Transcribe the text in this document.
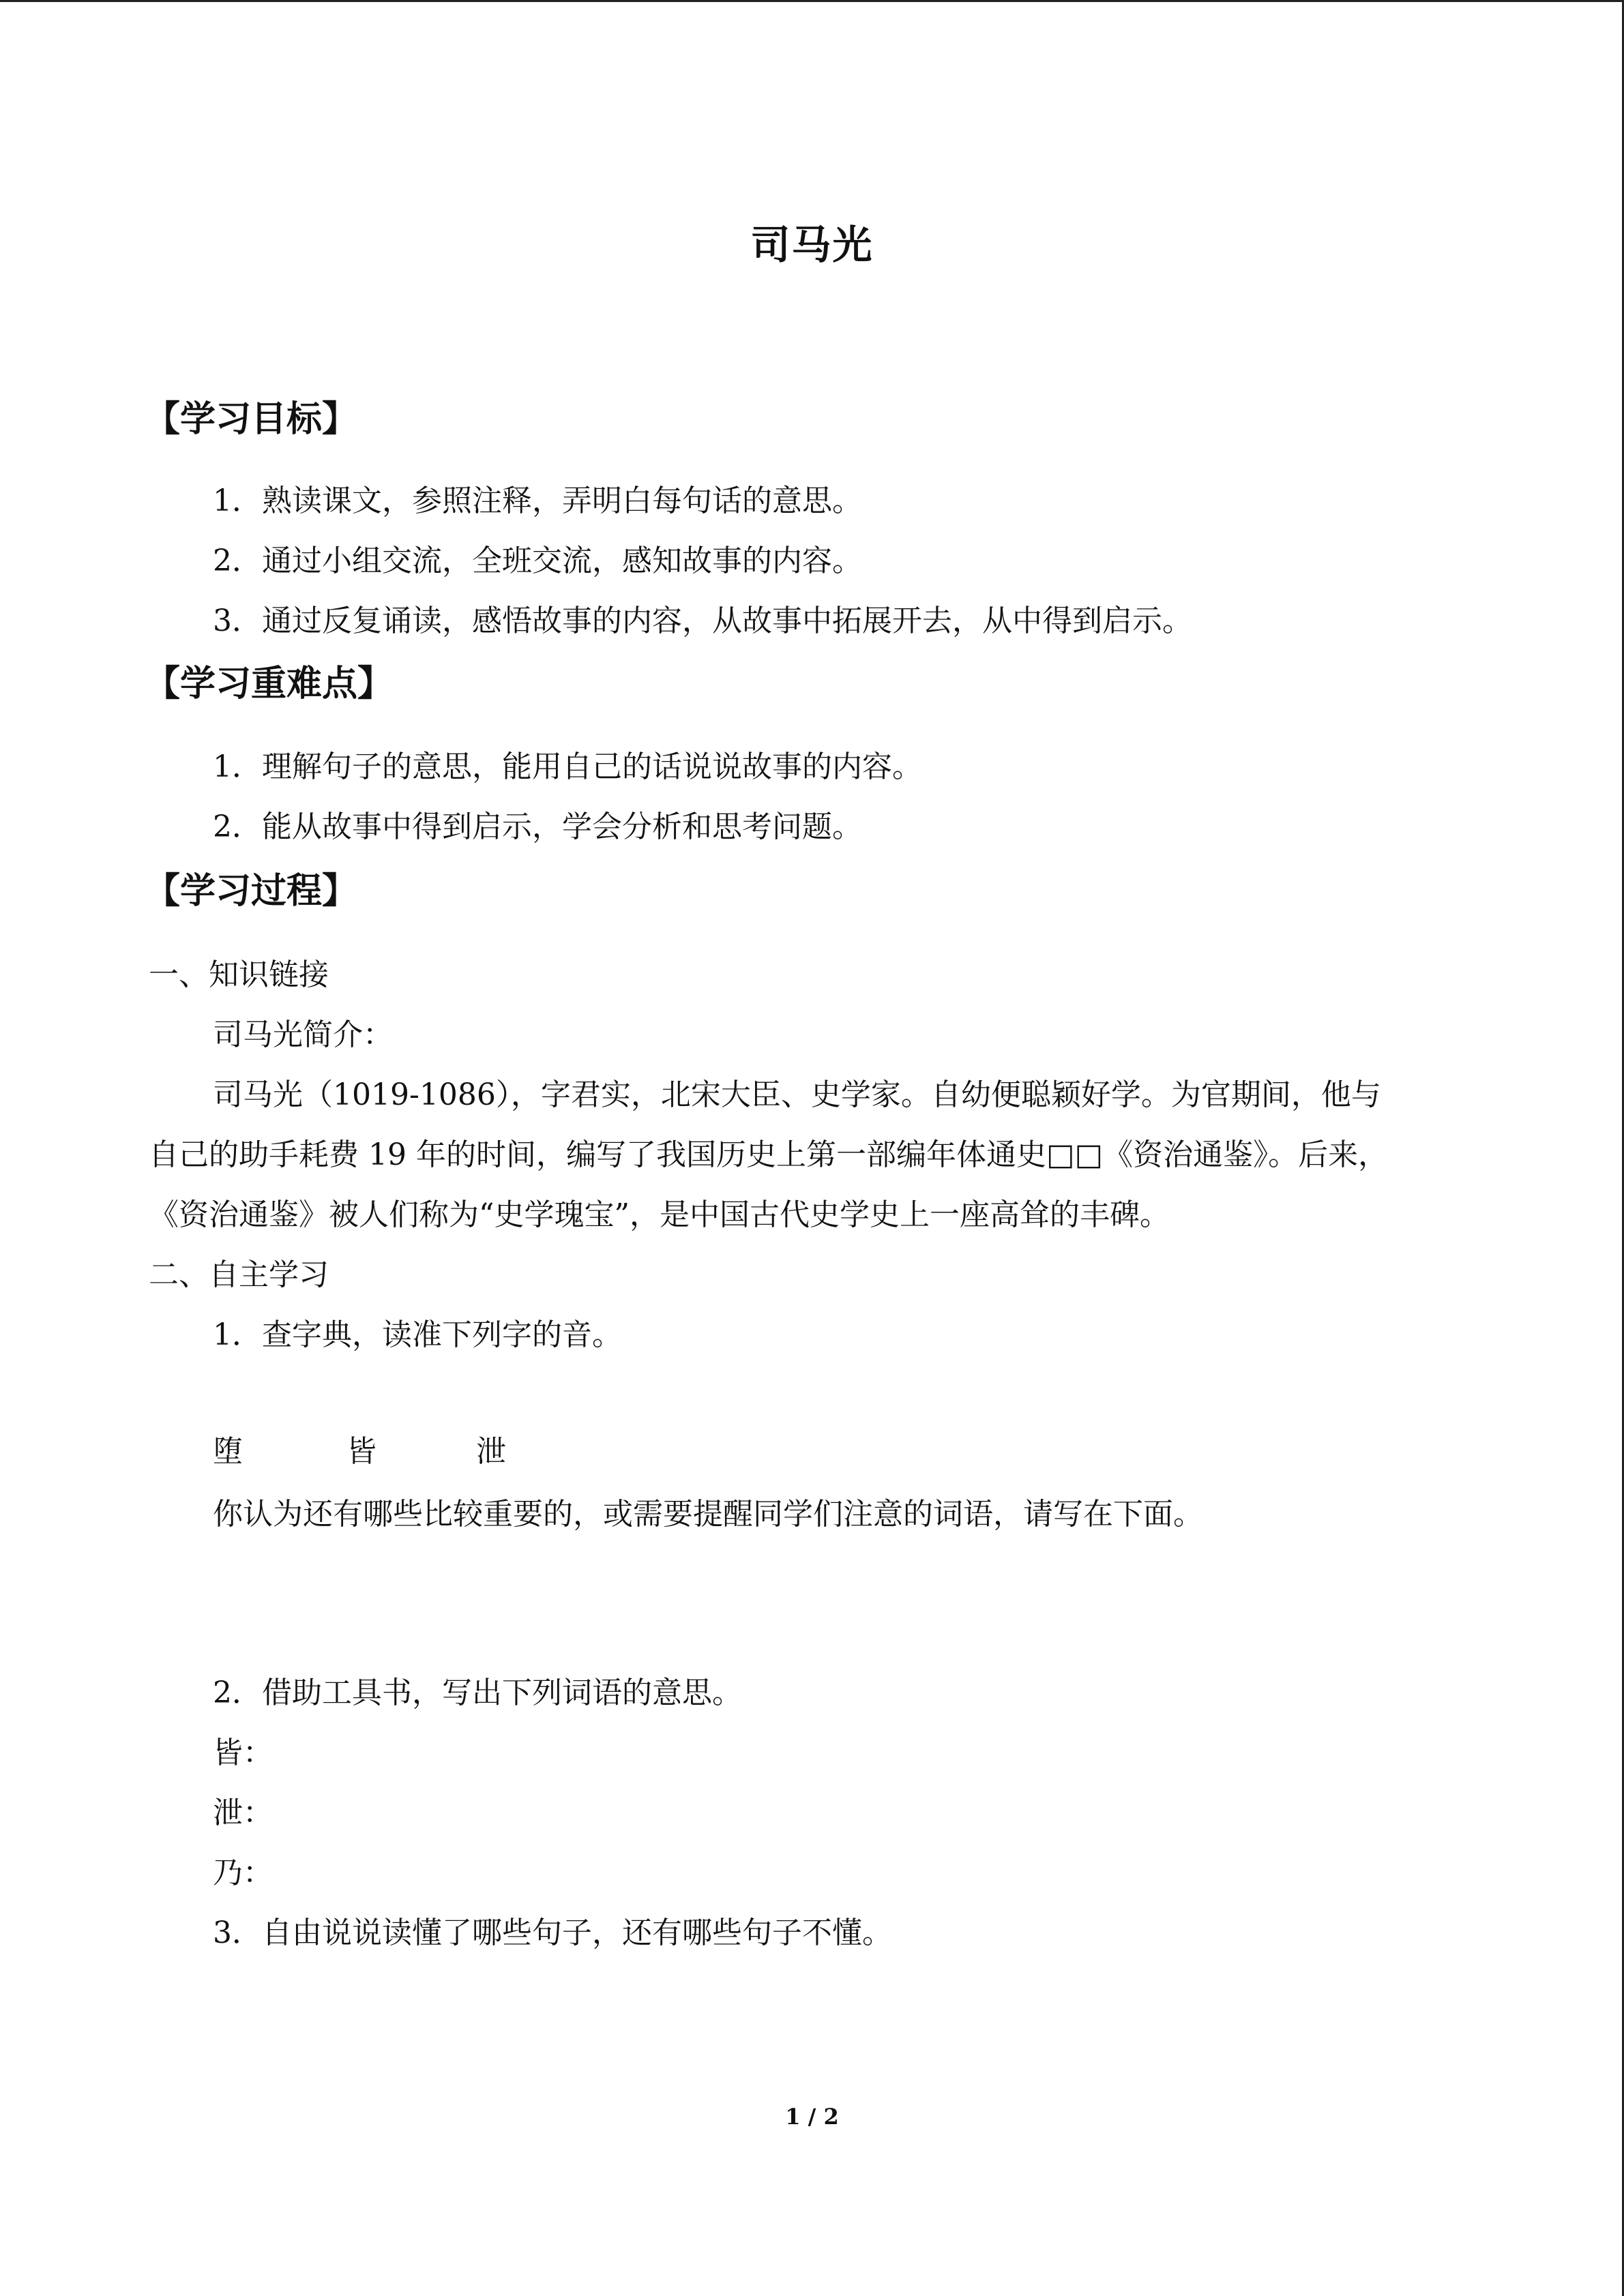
司马光
【学习目标】
1．熟读课文，参照注释，弄明白每句话的意思。
2．通过小组交流，全班交流，感知故事的内容。
3．通过反复诵读，感悟故事的内容，从故事中拓展开去，从中得到启示。
【学习重难点】
1．理解句子的意思，能用自己的话说说故事的内容。
2．能从故事中得到启示，学会分析和思考问题。
【学习过程】
一、知识链接
司马光简介：
司马光（1019-1086），字君实，北宋大臣、史学家。自幼便聪颖好学。为官期间，他与
自己的助手耗费 19 年的时间，编写了我国历史上第一部编年体通史□□《资治通鉴》。后来，
《资治通鉴》被人们称为“史学瑰宝”，是中国古代史学史上一座高耸的丰碑。
二、自主学习
1．查字典，读准下列字的音。
堕	皆	泄
你认为还有哪些比较重要的，或需要提醒同学们注意的词语，请写在下面。
2．借助工具书，写出下列词语的意思。
皆：
泄：
乃：
3．自由说说读懂了哪些句子，还有哪些句子不懂。
1 / 2
